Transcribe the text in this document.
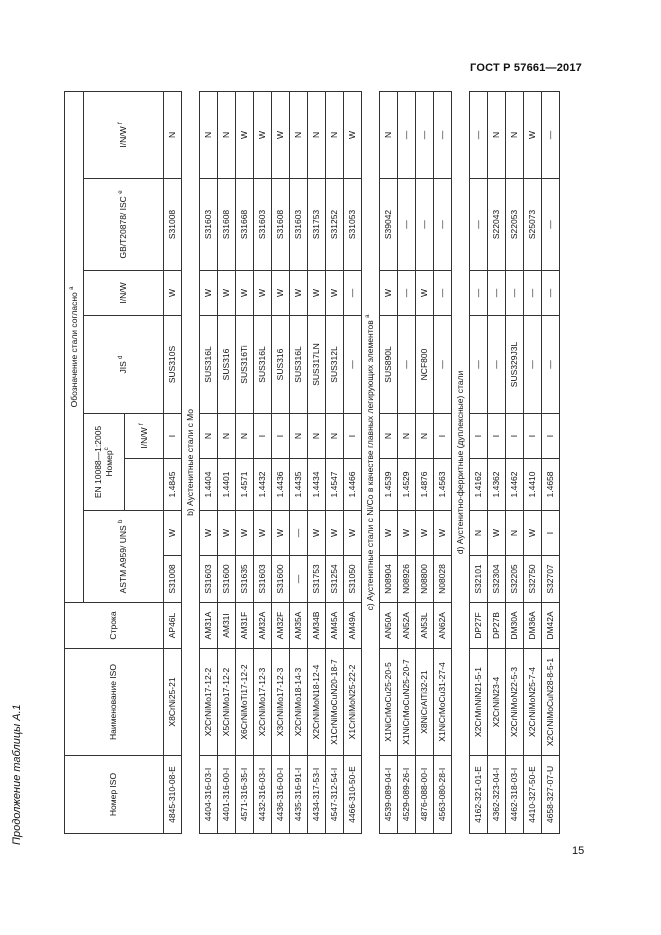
ГОСТ Р 57661—2017
Продолжение таблицы А.1
15
Номер ISO	Наименование ISO	Строка	Обозначение стали согласно $^а$
			ASTM A959/ UNS $^b$		EN 10088—1:2005
Номер$^c$		JIS $^d$	I/N/W	GB/T20878/ ISC $^e$	I/N/W $^f$
						I/N/W $^f$
4845-310-08-E	X8CrNi25-21	AP46L	S31008	W	1.4845	I	SUS310S	W	S31008	N
b) Аустенитные стали с Mo										
4404-316-03-I	X2CrNiMo17-12-2	AM31A	S31603	W	1.4404	N	SUS316L	W	S31603	N
4401-316-00-I	X5CrNiMo17-12-2	AM31I	S31600	W	1.4401	N	SUS316	W	S31608	N
4571-316-35-I	X6CrNiMoTi17-12-2	AM31F	S31635	W	1.4571	N	SUS316Ti	W	S31668	W
4432-316-03-I	X2CrNiMo17-12-3	AM32A	S31603	W	1.4432	I	SUS316L	W	S31603	W
4436-316-00-I	X3CrNiMo17-12-3	AM32F	S31600	W	1.4436	I	SUS316	W	S31608	W
4435-316-91-I	X2CrNiMo18-14-3	AM35A	—	—	1.4435	N	SUS316L	W	S31603	N
4434-317-53-I	X2CrNiMoN18-12-4	AM34B	S31753	W	1.4434	N	SUS317LN	W	S31753	N
4547-312-54-I	X1CrNiMoCuN20-18-7	AM45A	S31254	W	1.4547	N	SUS312L	W	S31252	N
4466-310-50-E	X1CrNiMoN25-22-2	AM49A	S31050	W	1.4466	I	—	—	S31053	W
c) Аустенитные стали с Ni/Co в качестве главных легирующих элементов $^а$
4539-089-04-I	X1NiCrMoCu25-20-5	AN50A	N08904	W	1.4539	N	SUS890L	W	S39042	N
4529-089-26-I	X1NiCrMoCuN25-20-7	AN52A	N08926	W	1.4529	N	—	—	—	—
4876-088-00-I	X8NiCrAlTi32-21	AN53L	N08800	W	1.4876	N	NCF800	W	—	—
4563-080-28-I	X1NiCrMoCu31-27-4	AN62A	N08028	W	1.4563	I	—	—	—	—
d) Аустенитно-ферритные (дуплексные) стали										
4162-321-01-E	X2CrMnNiN21-5-1	DP27F	S32101	N	1.4162	I	—	—	—	—
4362-323-04-I	X2CrNiN23-4	DP27B	S32304	W	1.4362	I	—	—	S22043	N
4462-318-03-I	X2CrNiMoN22-5-3	DM30A	S32205	N	1.4462	I	SUS329J3L	—	S22053	N
4410-327-50-E	X2CrNiMoN25-7-4	DM36A	S32750	W	1.4410	I	—	—	S25073	W
4658-327-07-U	X2CrNiMoCuN28-8-5-1	DM42A	S32707	I	1.4658	I	—	—	—	—
